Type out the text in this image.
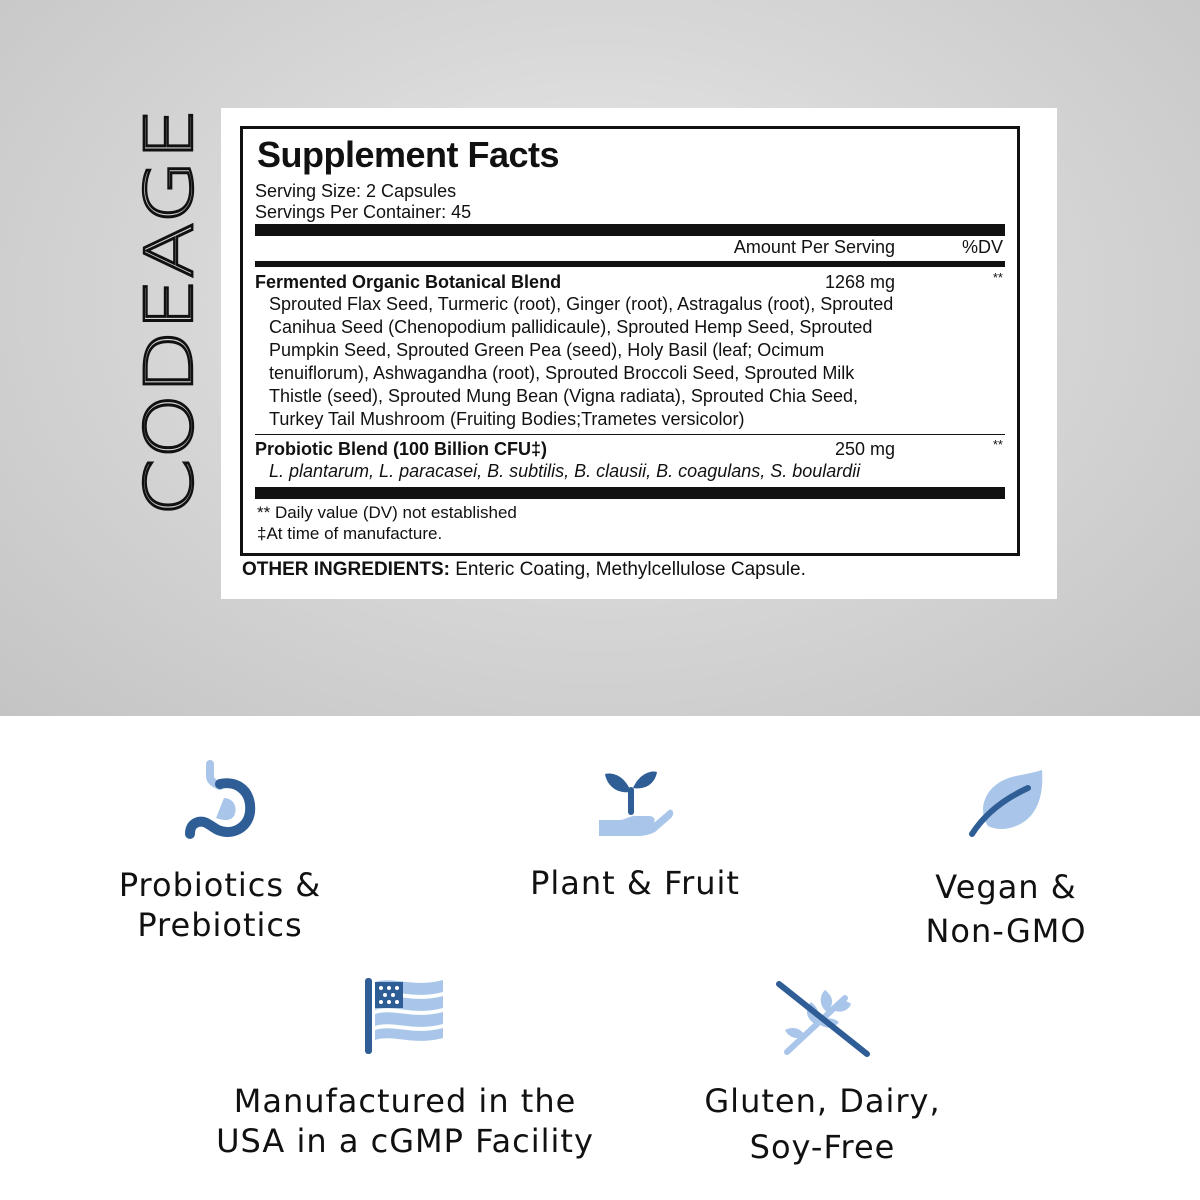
CODEAGE
Supplement Facts
Serving Size: 2 Capsules
Servings Per Container: 45
Amount Per Serving	%DV
Fermented Organic Botanical Blend	1268 mg	**

Sprouted Flax Seed, Turmeric (root), Ginger (root), Astragalus (root), Sprouted

Canihua Seed (Chenopodium pallidicaule), Sprouted Hemp Seed, Sprouted

Pumpkin Seed, Sprouted Green Pea (seed), Holy Basil (leaf; Ocimum

tenuiflorum), Ashwagandha (root), Sprouted Broccoli Seed, Sprouted Milk

Thistle (seed), Sprouted Mung Bean (Vigna radiata), Sprouted Chia Seed,

Turkey Tail Mushroom (Fruiting Bodies;Trametes versicolor)

Probiotic Blend (100 Billion CFU‡)	250 mg	**

L. plantarum, L. paracasei, B. subtilis, B. clausii, B. coagulans, S. boulardii

** Daily value (DV) not established
‡At time of manufacture.
OTHER INGREDIENTS: Enteric Coating, Methylcellulose Capsule.
Probiotics &
Prebiotics
Plant & Fruit	Vegan &
Non-GMO
Manufactured in the
USA in a cGMP Facility
Gluten, Dairy,
Soy-Free
